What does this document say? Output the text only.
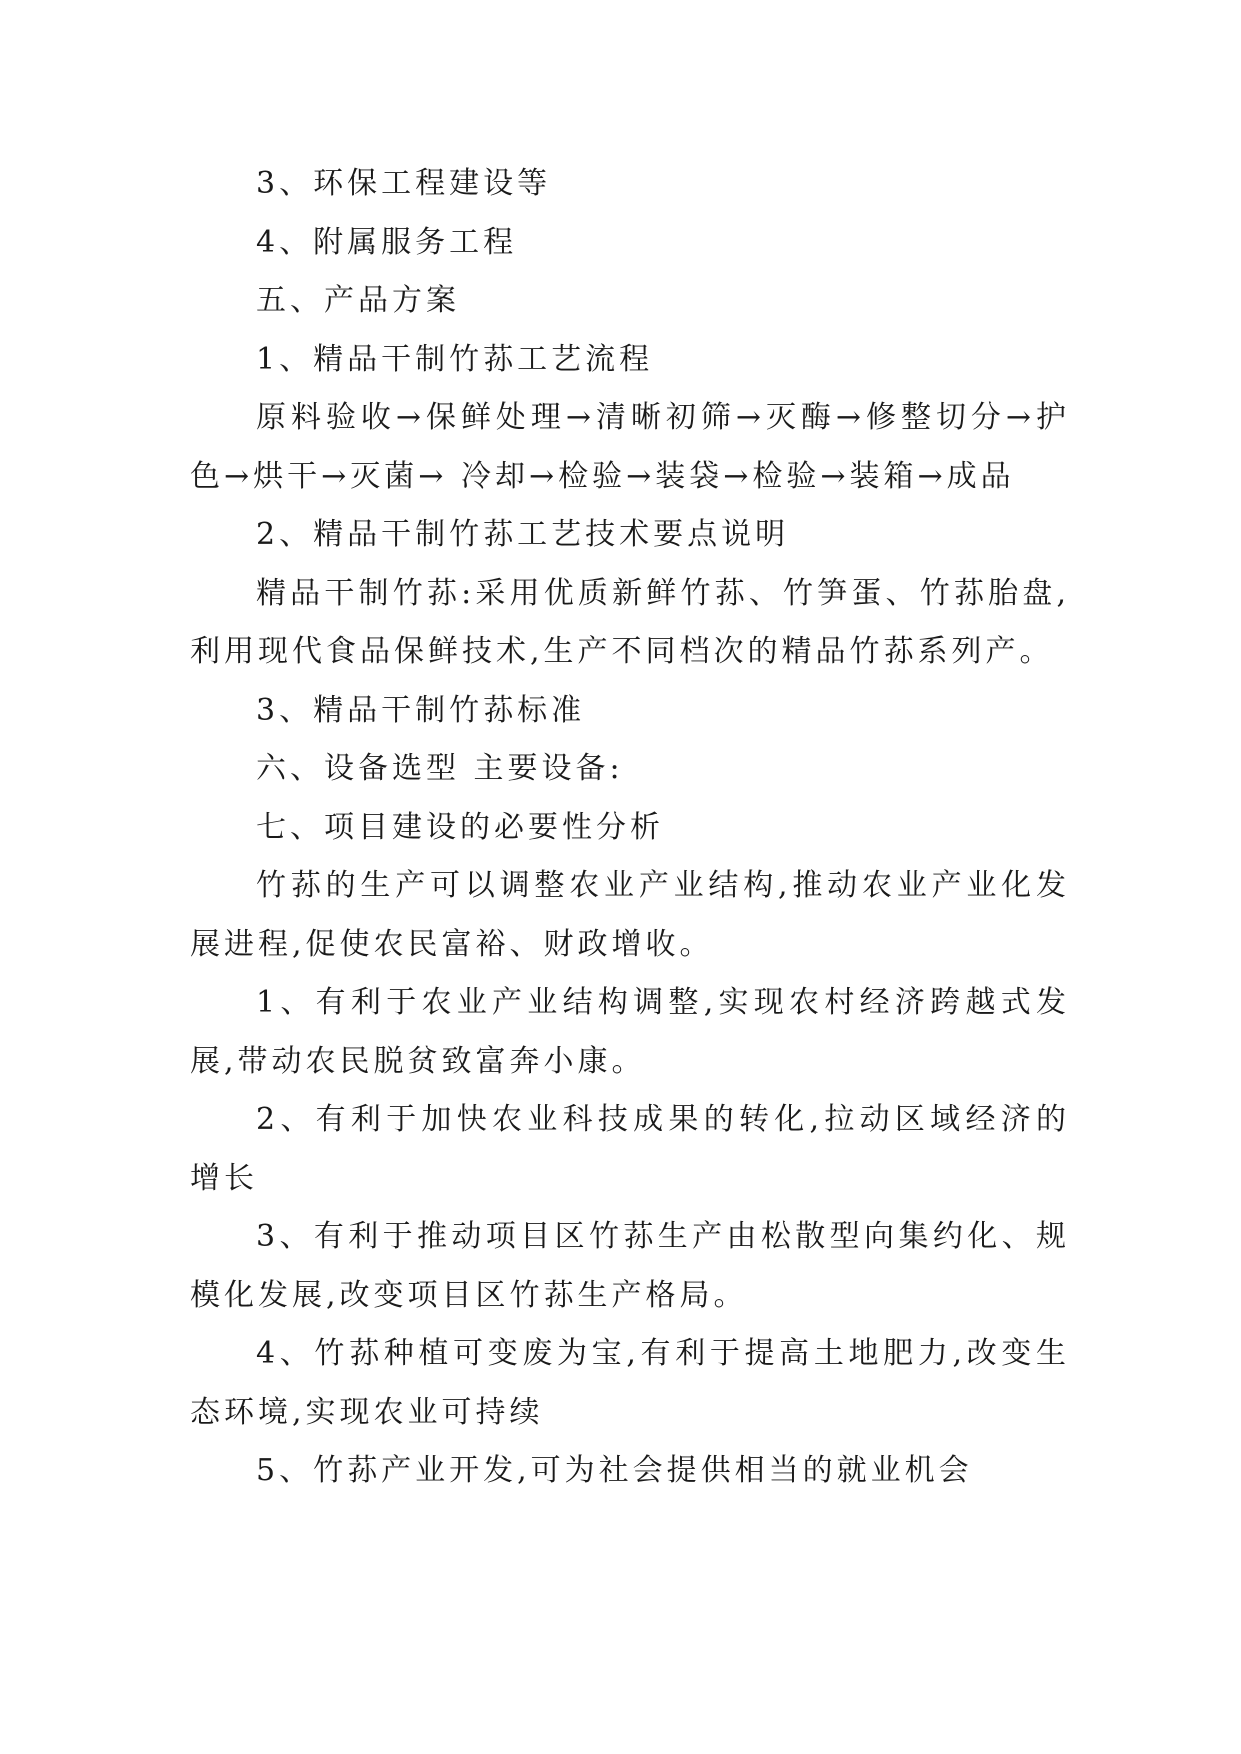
3、环保工程建设等

4、附属服务工程

五、产品方案

1、精品干制竹荪工艺流程

原料验收→保鲜处理→清晰初筛→灭酶→修整切分→护色→烘干→灭菌→ 冷却→检验→装袋→检验→装箱→成品

2、精品干制竹荪工艺技术要点说明

精品干制竹荪:采用优质新鲜竹荪、竹笋蛋、竹荪胎盘,利用现代食品保鲜技术,生产不同档次的精品竹荪系列产。

3、精品干制竹荪标准

六、设备选型 主要设备:

七、项目建设的必要性分析

竹荪的生产可以调整农业产业结构,推动农业产业化发展进程,促使农民富裕、财政增收。

1、有利于农业产业结构调整,实现农村经济跨越式发展,带动农民脱贫致富奔小康。

2、有利于加快农业科技成果的转化,拉动区域经济的增长

3、有利于推动项目区竹荪生产由松散型向集约化、规模化发展,改变项目区竹荪生产格局。

4、竹荪种植可变废为宝,有利于提高土地肥力,改变生态环境,实现农业可持续

5、竹荪产业开发,可为社会提供相当的就业机会
